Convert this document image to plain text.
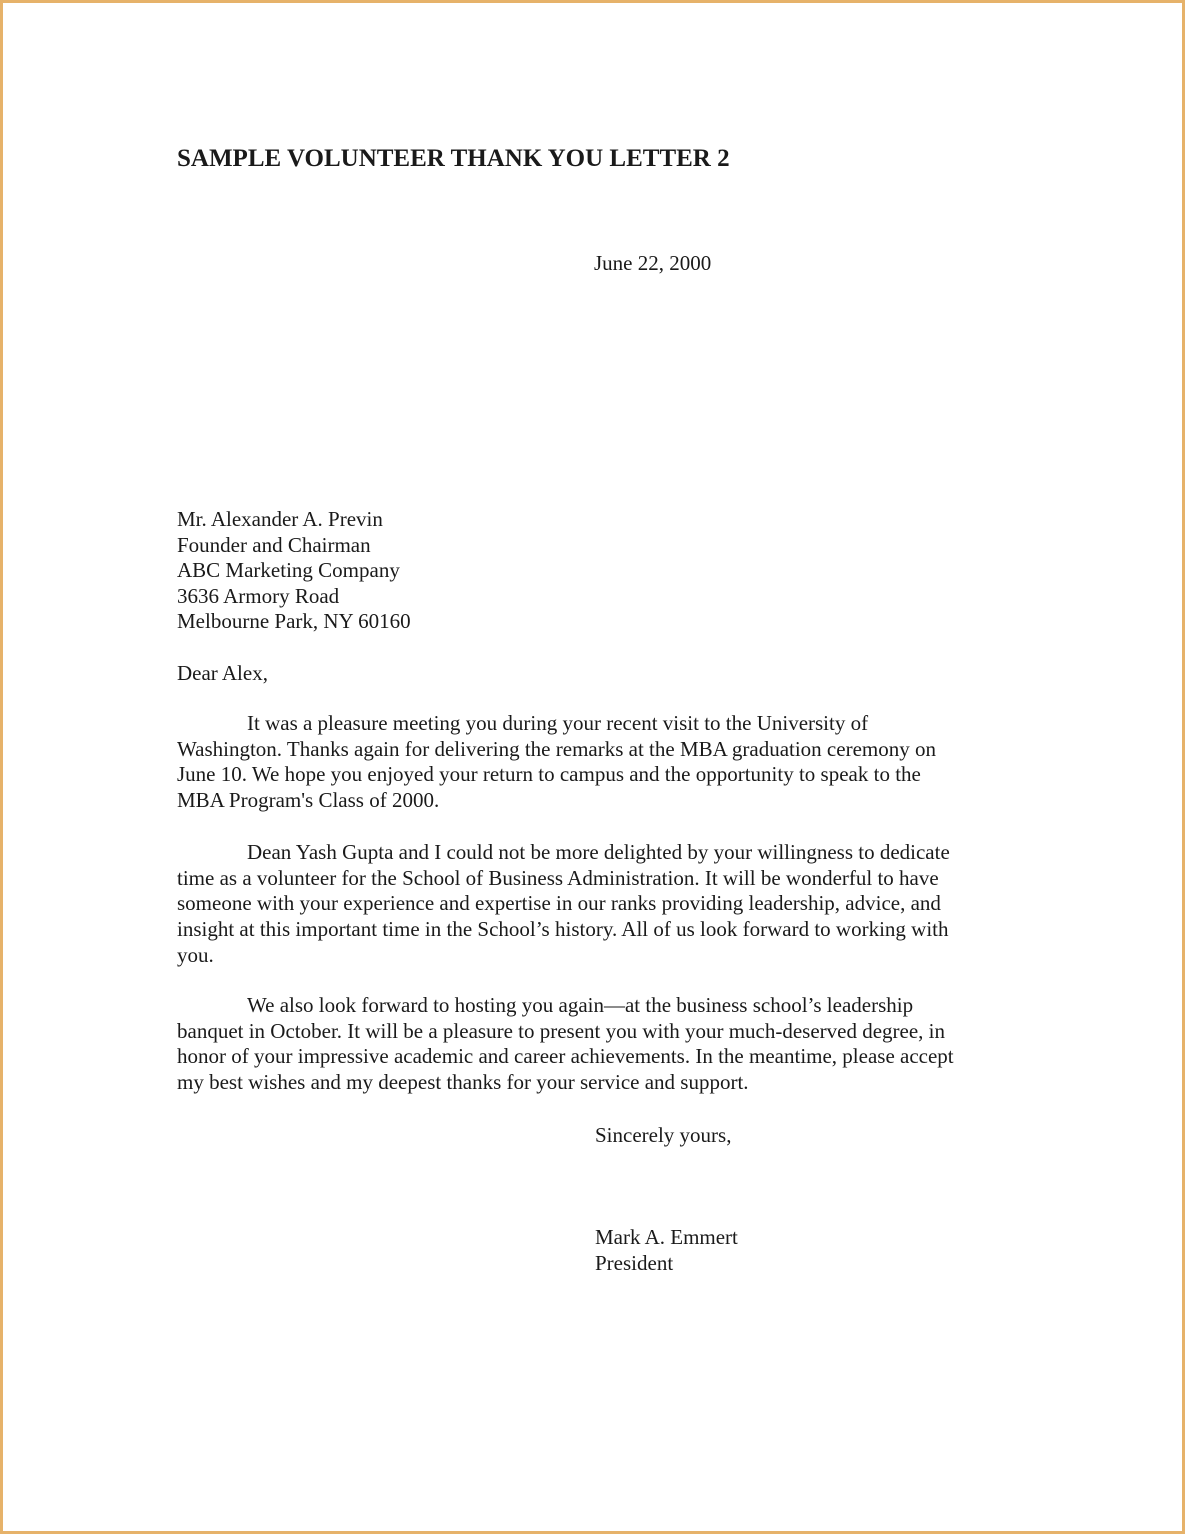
SAMPLE VOLUNTEER THANK YOU LETTER 2
June 22, 2000
Mr. Alexander A. Previn
Founder and Chairman
ABC Marketing Company
3636 Armory Road
Melbourne Park, NY 60160
Dear Alex,
It was a pleasure meeting you during your recent visit to the University of
Washington. Thanks again for delivering the remarks at the MBA graduation ceremony on
June 10. We hope you enjoyed your return to campus and the opportunity to speak to the
MBA Program's Class of 2000.
Dean Yash Gupta and I could not be more delighted by your willingness to dedicate
time as a volunteer for the School of Business Administration. It will be wonderful to have
someone with your experience and expertise in our ranks providing leadership, advice, and
insight at this important time in the School’s history. All of us look forward to working with
you.
We also look forward to hosting you again—at the business school’s leadership
banquet in October. It will be a pleasure to present you with your much-deserved degree, in
honor of your impressive academic and career achievements. In the meantime, please accept
my best wishes and my deepest thanks for your service and support.
Sincerely yours,
Mark A. Emmert
President
